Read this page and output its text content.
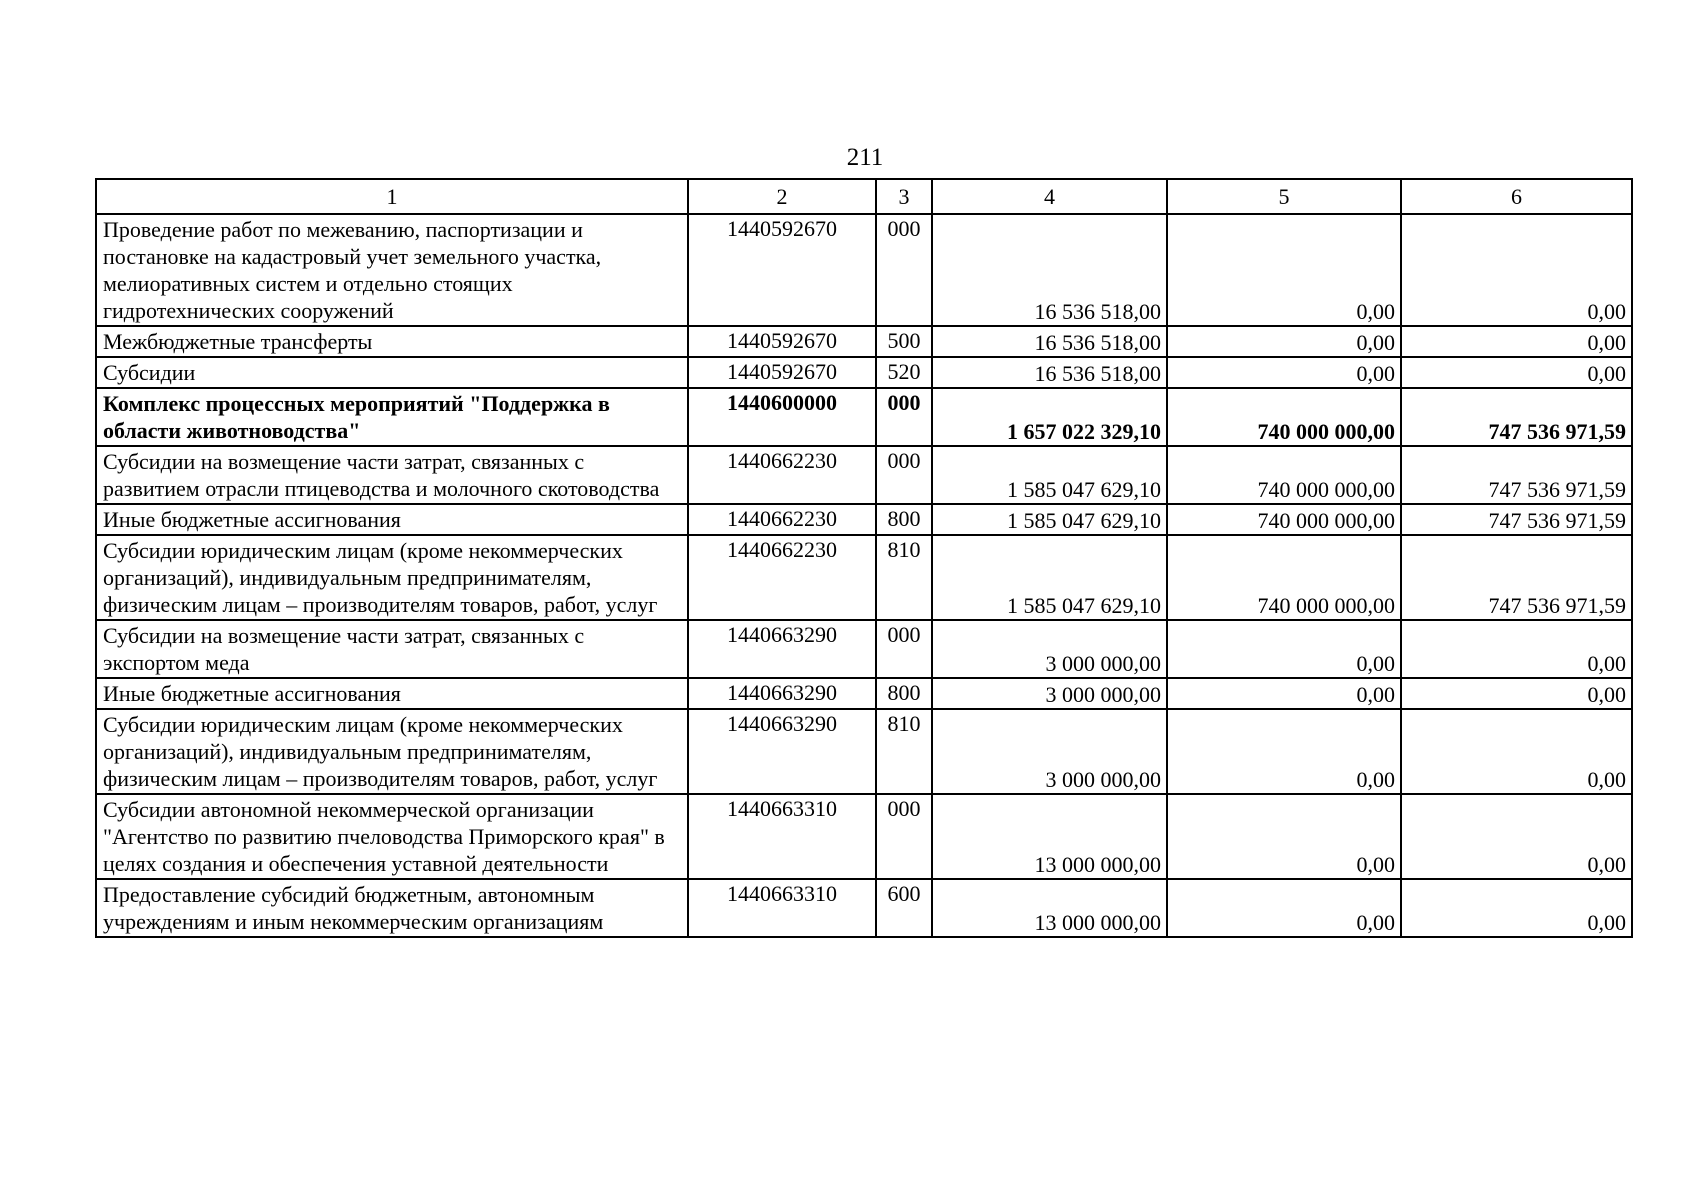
211
1	2	3	4	5	6
Проведение работ по межеванию, паспортизации и постановке на кадастровый учет земельного участка, мелиоративных систем и отдельно стоящих гидротехнических сооружений	1440592670	000	16 536 518,00	0,00	0,00
Межбюджетные трансферты	1440592670	500	16 536 518,00	0,00	0,00
Субсидии	1440592670	520	16 536 518,00	0,00	0,00
Комплекс процессных мероприятий "Поддержка в области животноводства"	1440600000	000	1 657 022 329,10	740 000 000,00	747 536 971,59
Субсидии на возмещение части затрат, связанных с развитием отрасли птицеводства и молочного скотоводства	1440662230	000	1 585 047 629,10	740 000 000,00	747 536 971,59
Иные бюджетные ассигнования	1440662230	800	1 585 047 629,10	740 000 000,00	747 536 971,59
Субсидии юридическим лицам (кроме некоммерческих организаций), индивидуальным предпринимателям, физическим лицам – производителям товаров, работ, услуг	1440662230	810	1 585 047 629,10	740 000 000,00	747 536 971,59
Субсидии на возмещение части затрат, связанных с экспортом меда	1440663290	000	3 000 000,00	0,00	0,00
Иные бюджетные ассигнования	1440663290	800	3 000 000,00	0,00	0,00
Субсидии юридическим лицам (кроме некоммерческих организаций), индивидуальным предпринимателям, физическим лицам – производителям товаров, работ, услуг	1440663290	810	3 000 000,00	0,00	0,00
Субсидии автономной некоммерческой организации "Агентство по развитию пчеловодства Приморского края" в целях создания и обеспечения уставной деятельности	1440663310	000	13 000 000,00	0,00	0,00
Предоставление субсидий бюджетным, автономным учреждениям и иным некоммерческим организациям	1440663310	600	13 000 000,00	0,00	0,00
